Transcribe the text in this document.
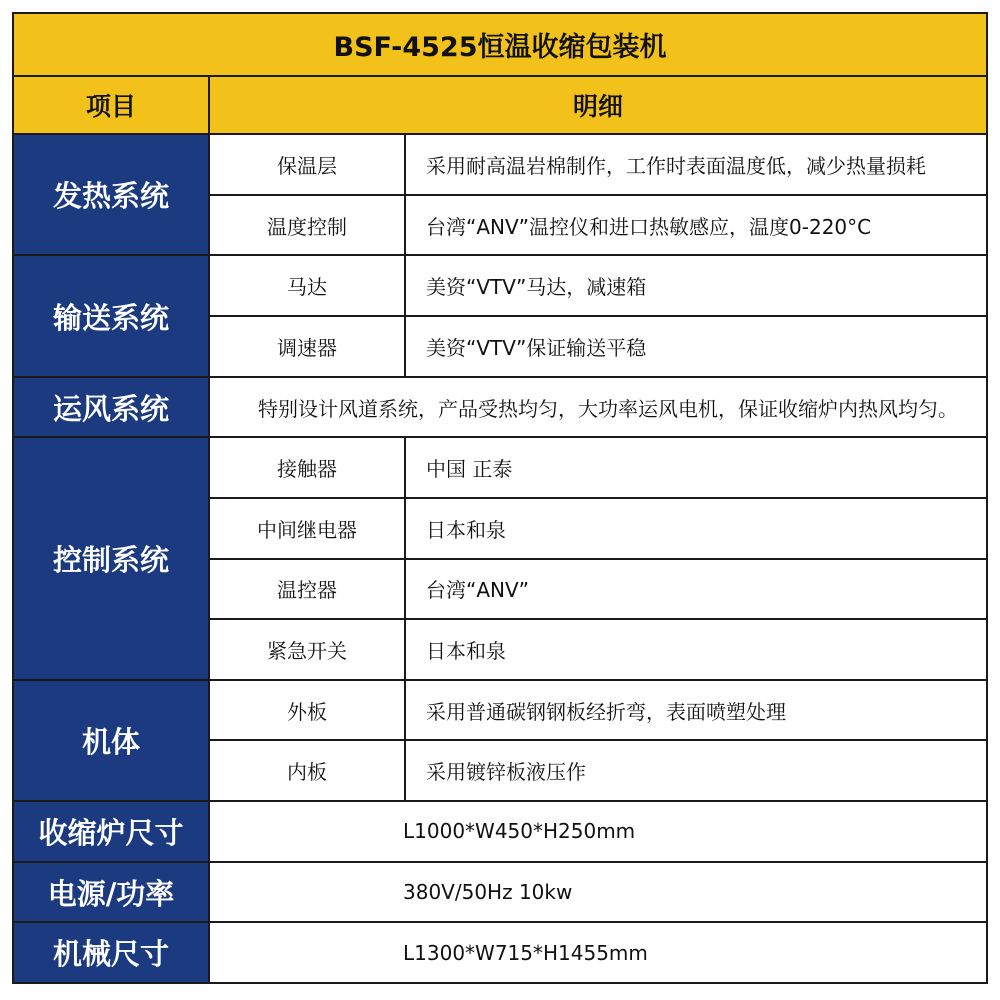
BSF-4525恒温收缩包装机		
项目	明细	
发热系统	保温层	采用耐高温岩棉制作，工作时表面温度低，减少热量损耗
	温度控制	台湾“ANV”温控仪和进口热敏感应，温度0-220°C
输送系统	马达	美资“VTV”马达，减速箱
	调速器	美资“VTV”保证输送平稳
运风系统	特别设计风道系统，产品受热均匀，大功率运风电机，保证收缩炉内热风均匀。	
控制系统	接触器	中国 正泰
	中间继电器	日本和泉
	温控器	台湾“ANV”
	紧急开关	日本和泉
机体	外板	采用普通碳钢钢板经折弯，表面喷塑处理
	内板	采用镀锌板液压作
收缩炉尺寸	L1000*W450*H250mm	
电源/功率	380V/50Hz 10kw	
机械尺寸	L1300*W715*H1455mm	
